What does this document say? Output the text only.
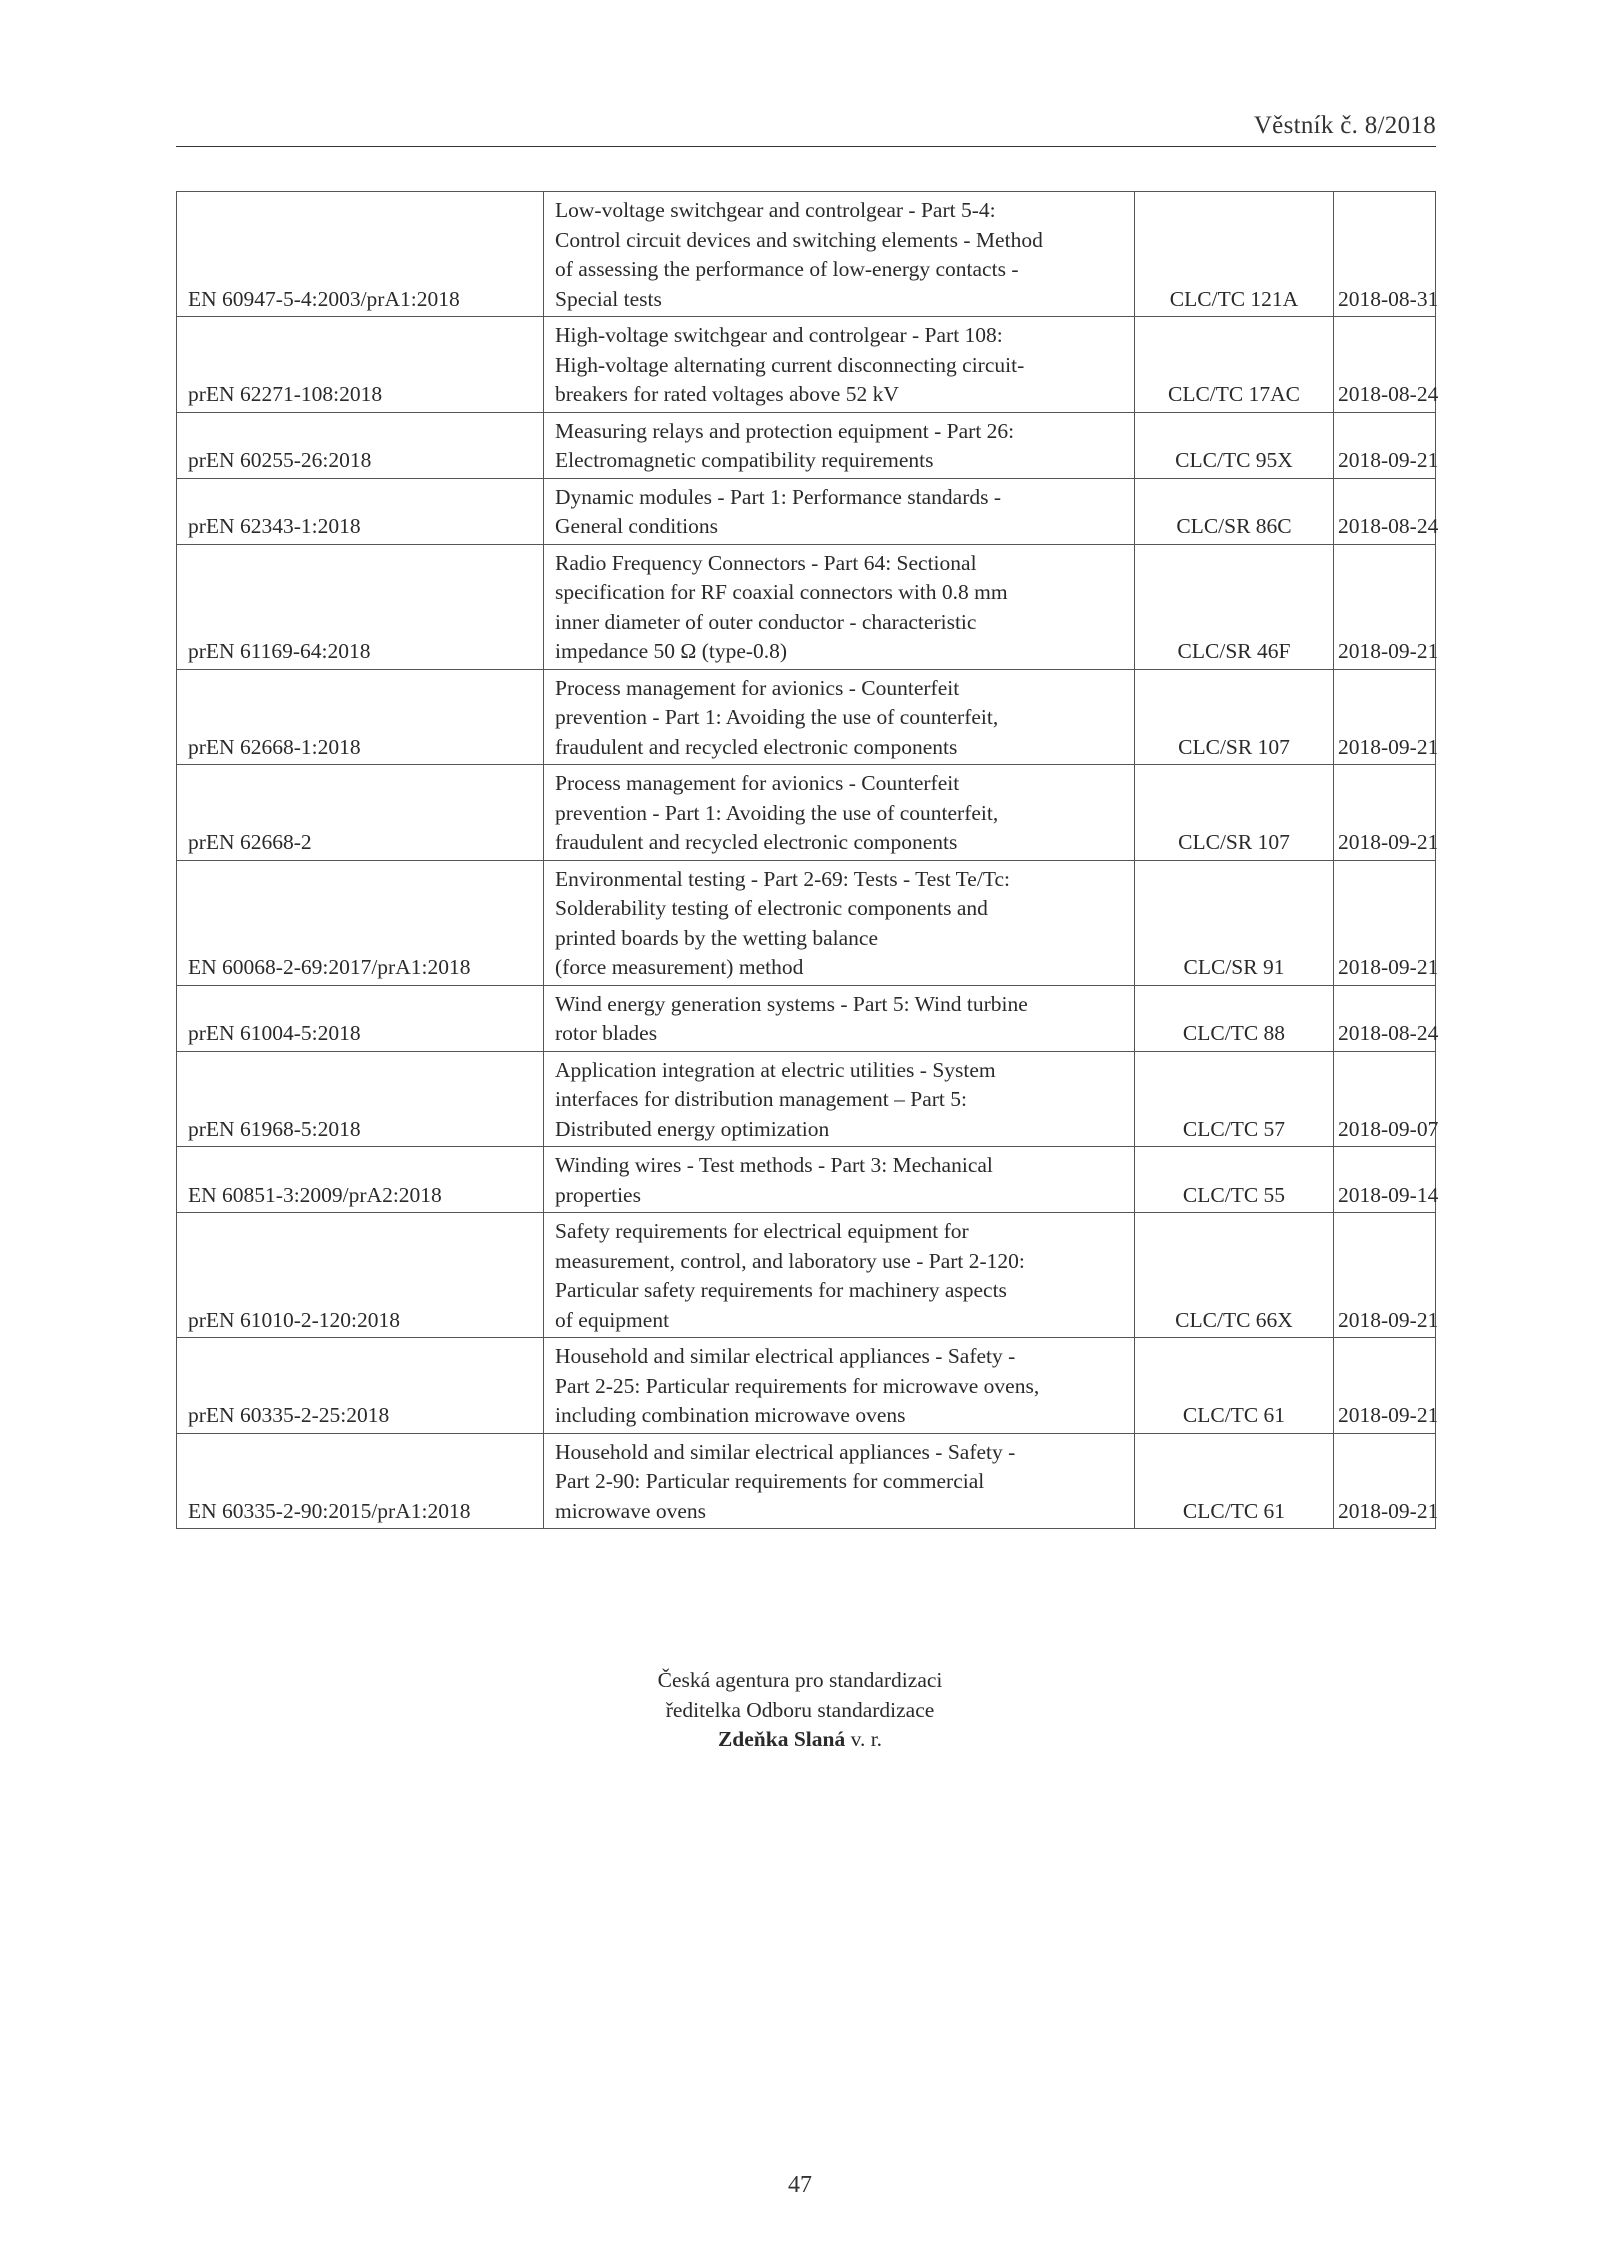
Věstník č. 8/2018
EN 60947-5-4:2003/prA1:2018	Low-voltage switchgear and controlgear - Part 5-4:
Control circuit devices and switching elements - Method
of assessing the performance of low-energy contacts -
Special tests	CLC/TC 121A	2018-08-31
prEN 62271-108:2018	High-voltage switchgear and controlgear - Part 108:
High-voltage alternating current disconnecting circuit-
breakers for rated voltages above 52 kV	CLC/TC 17AC	2018-08-24
prEN 60255-26:2018	Measuring relays and protection equipment - Part 26:
Electromagnetic compatibility requirements	CLC/TC 95X	2018-09-21
prEN 62343-1:2018	Dynamic modules - Part 1: Performance standards -
General conditions	CLC/SR 86C	2018-08-24
prEN 61169-64:2018	Radio Frequency Connectors - Part 64: Sectional
specification for RF coaxial connectors with 0.8 mm
inner diameter of outer conductor - characteristic
impedance 50 Ω (type-0.8)	CLC/SR 46F	2018-09-21
prEN 62668-1:2018	Process management for avionics - Counterfeit
prevention - Part 1: Avoiding the use of counterfeit,
fraudulent and recycled electronic components	CLC/SR 107	2018-09-21
prEN 62668-2	Process management for avionics - Counterfeit
prevention - Part 1: Avoiding the use of counterfeit,
fraudulent and recycled electronic components	CLC/SR 107	2018-09-21
EN 60068-2-69:2017/prA1:2018	Environmental testing - Part 2-69: Tests - Test Te/Tc:
Solderability testing of electronic components and
printed boards by the wetting balance
(force measurement) method	CLC/SR 91	2018-09-21
prEN 61004-5:2018	Wind energy generation systems - Part 5: Wind turbine
rotor blades	CLC/TC 88	2018-08-24
prEN 61968-5:2018	Application integration at electric utilities - System
interfaces for distribution management – Part 5:
Distributed energy optimization	CLC/TC 57	2018-09-07
EN 60851-3:2009/prA2:2018	Winding wires - Test methods - Part 3: Mechanical
properties	CLC/TC 55	2018-09-14
prEN 61010-2-120:2018	Safety requirements for electrical equipment for
measurement, control, and laboratory use - Part 2-120:
Particular safety requirements for machinery aspects
of equipment	CLC/TC 66X	2018-09-21
prEN 60335-2-25:2018	Household and similar electrical appliances - Safety -
Part 2-25: Particular requirements for microwave ovens,
including combination microwave ovens	CLC/TC 61	2018-09-21
EN 60335-2-90:2015/prA1:2018	Household and similar electrical appliances - Safety -
Part 2-90: Particular requirements for commercial
microwave ovens	CLC/TC 61	2018-09-21
Česká agentura pro standardizaci
ředitelka Odboru standardizace
Zdeňka Slaná v. r.
47
